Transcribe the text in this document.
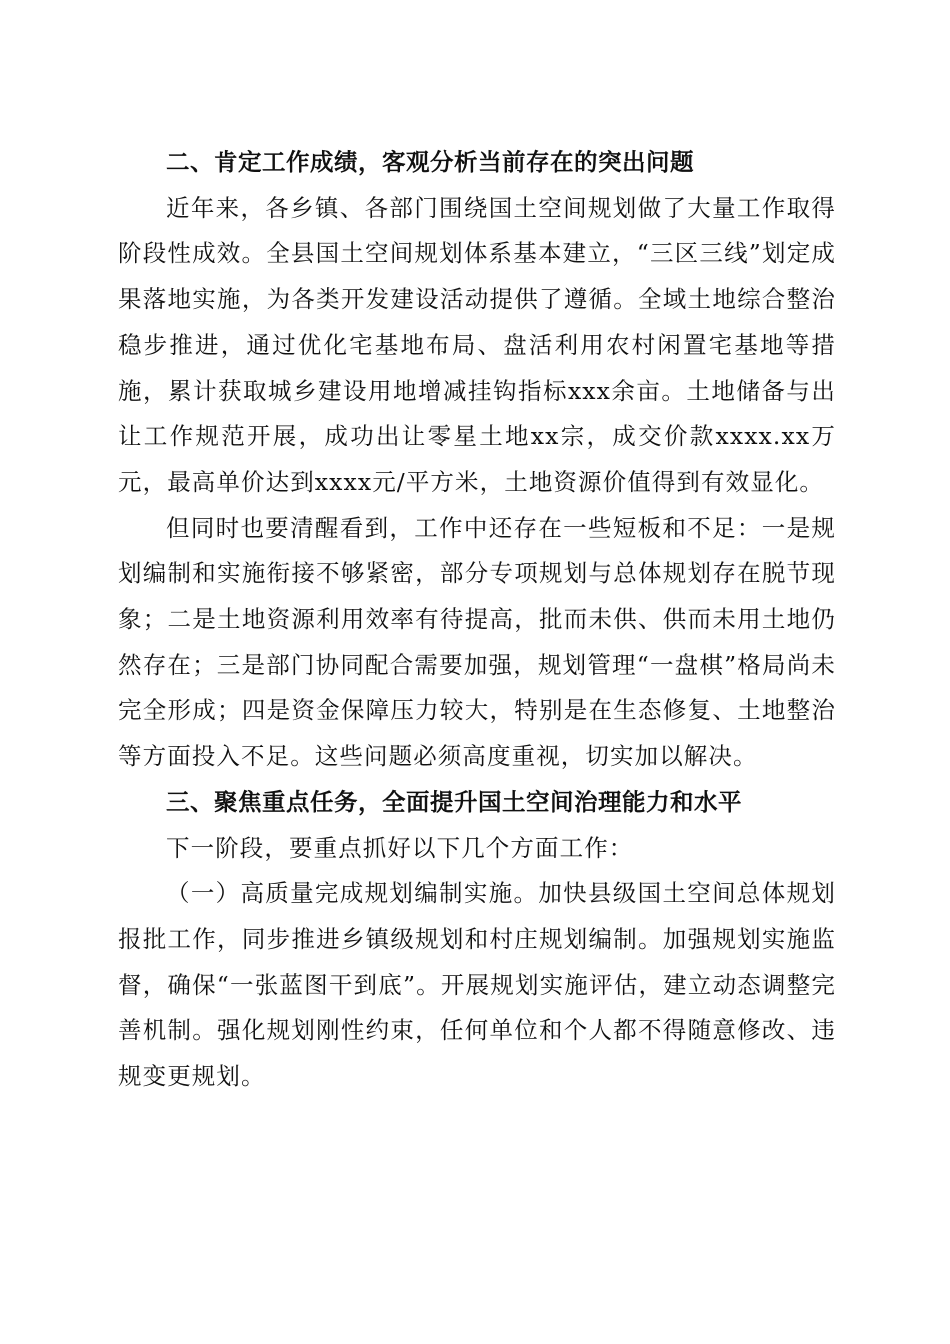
二、肯定工作成绩，客观分析当前存在的突出问题

近年来，各乡镇、各部门围绕国土空间规划做了大量工作取得阶段性成效。全县国土空间规划体系基本建立，“三区三线”划定成果落地实施，为各类开发建设活动提供了遵循。全域土地综合整治稳步推进，通过优化宅基地布局、盘活利用农村闲置宅基地等措施，累计获取城乡建设用地增减挂钩指标xxx余亩。土地储备与出让工作规范开展，成功出让零星土地xx宗，成交价款xxxx.xx万元，最高单价达到xxxx元/平方米，土地资源价值得到有效显化。

但同时也要清醒看到，工作中还存在一些短板和不足：一是规划编制和实施衔接不够紧密，部分专项规划与总体规划存在脱节现象；二是土地资源利用效率有待提高，批而未供、供而未用土地仍然存在；三是部门协同配合需要加强，规划管理“一盘棋”格局尚未完全形成；四是资金保障压力较大，特别是在生态修复、土地整治等方面投入不足。这些问题必须高度重视，切实加以解决。

三、聚焦重点任务，全面提升国土空间治理能力和水平

下一阶段，要重点抓好以下几个方面工作：

（一）高质量完成规划编制实施。加快县级国土空间总体规划报批工作，同步推进乡镇级规划和村庄规划编制。加强规划实施监督，确保“一张蓝图干到底”。开展规划实施评估，建立动态调整完善机制。强化规划刚性约束，任何单位和个人都不得随意修改、违规变更规划。
